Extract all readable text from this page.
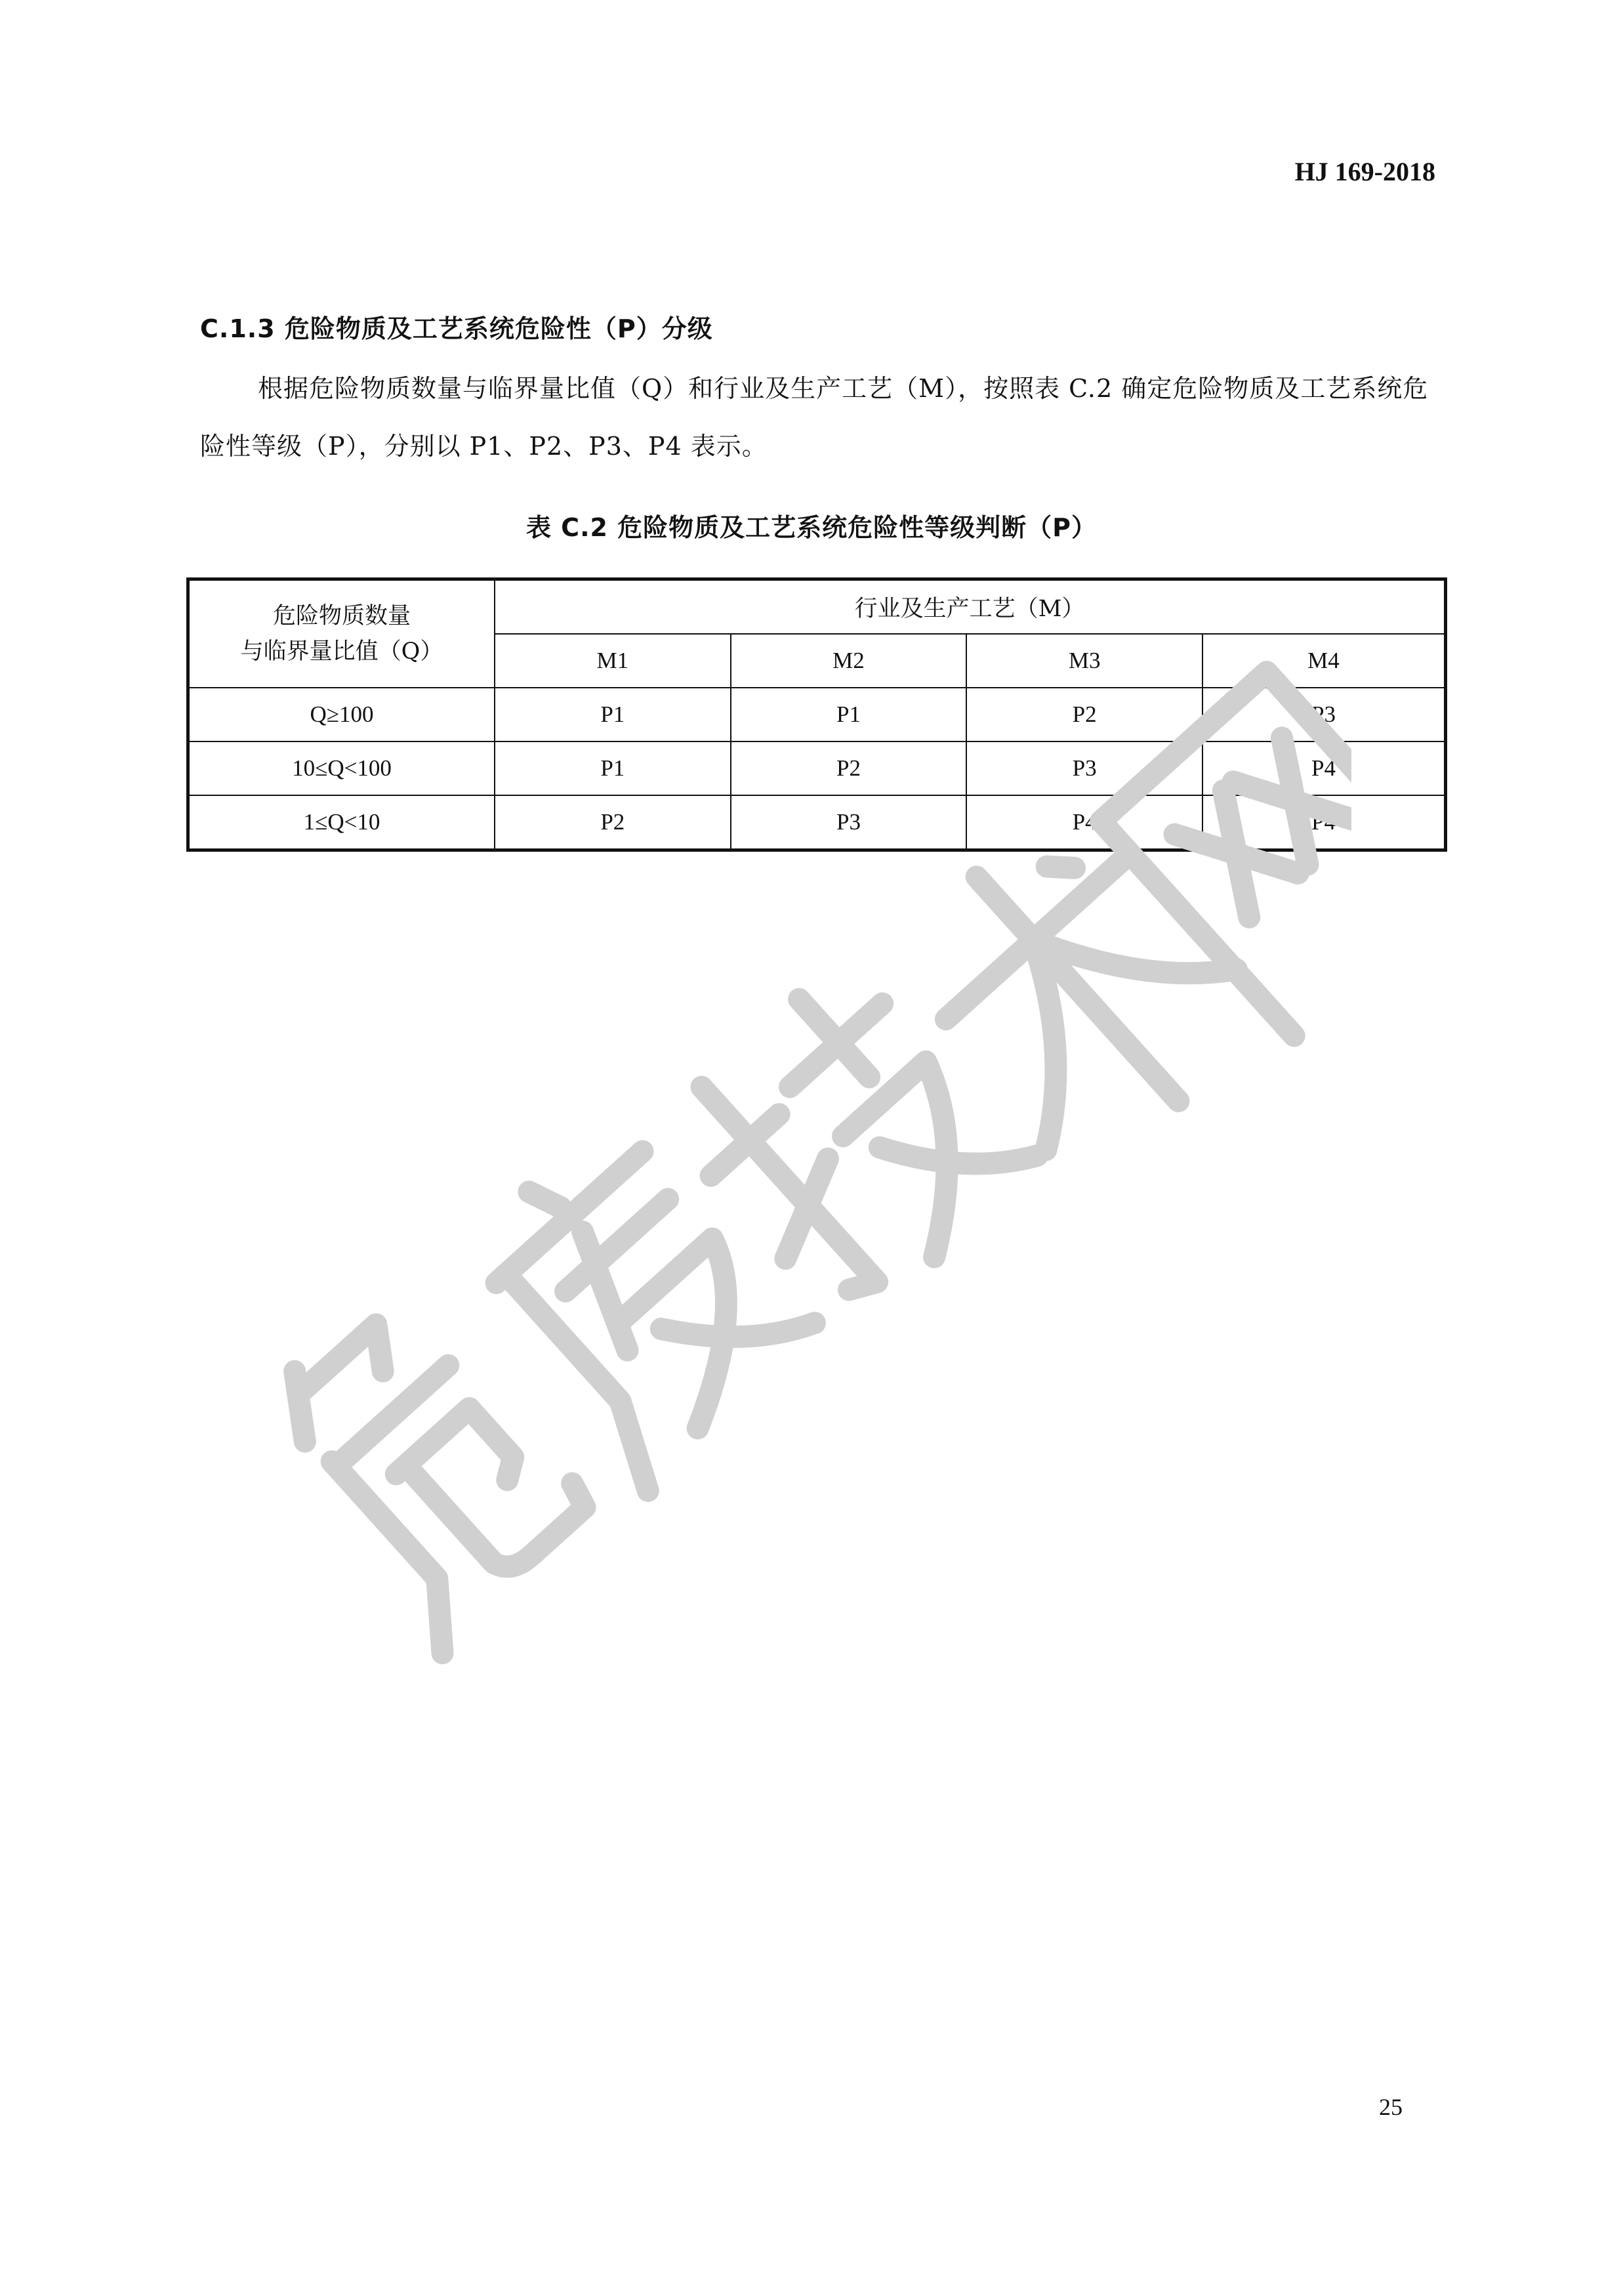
HJ 169-2018
C.1.3 危险物质及工艺系统危险性（P）分级
根据危险物质数量与临界量比值（Q）和行业及生产工艺（M），按照表 C.2 确定危险物质及工艺系统危险性等级（P），分别以 P1、P2、P3、P4 表示。
表 C.2 危险物质及工艺系统危险性等级判断（P）
危险物质数量
与临界量比值（Q）	行业及生产工艺（M）			
	M1	M2	M3	M4
Q≥100	P1	P1	P2	P3
10≤Q<100	P1	P2	P3	P4
1≤Q<10	P2	P3	P4	P4
25
